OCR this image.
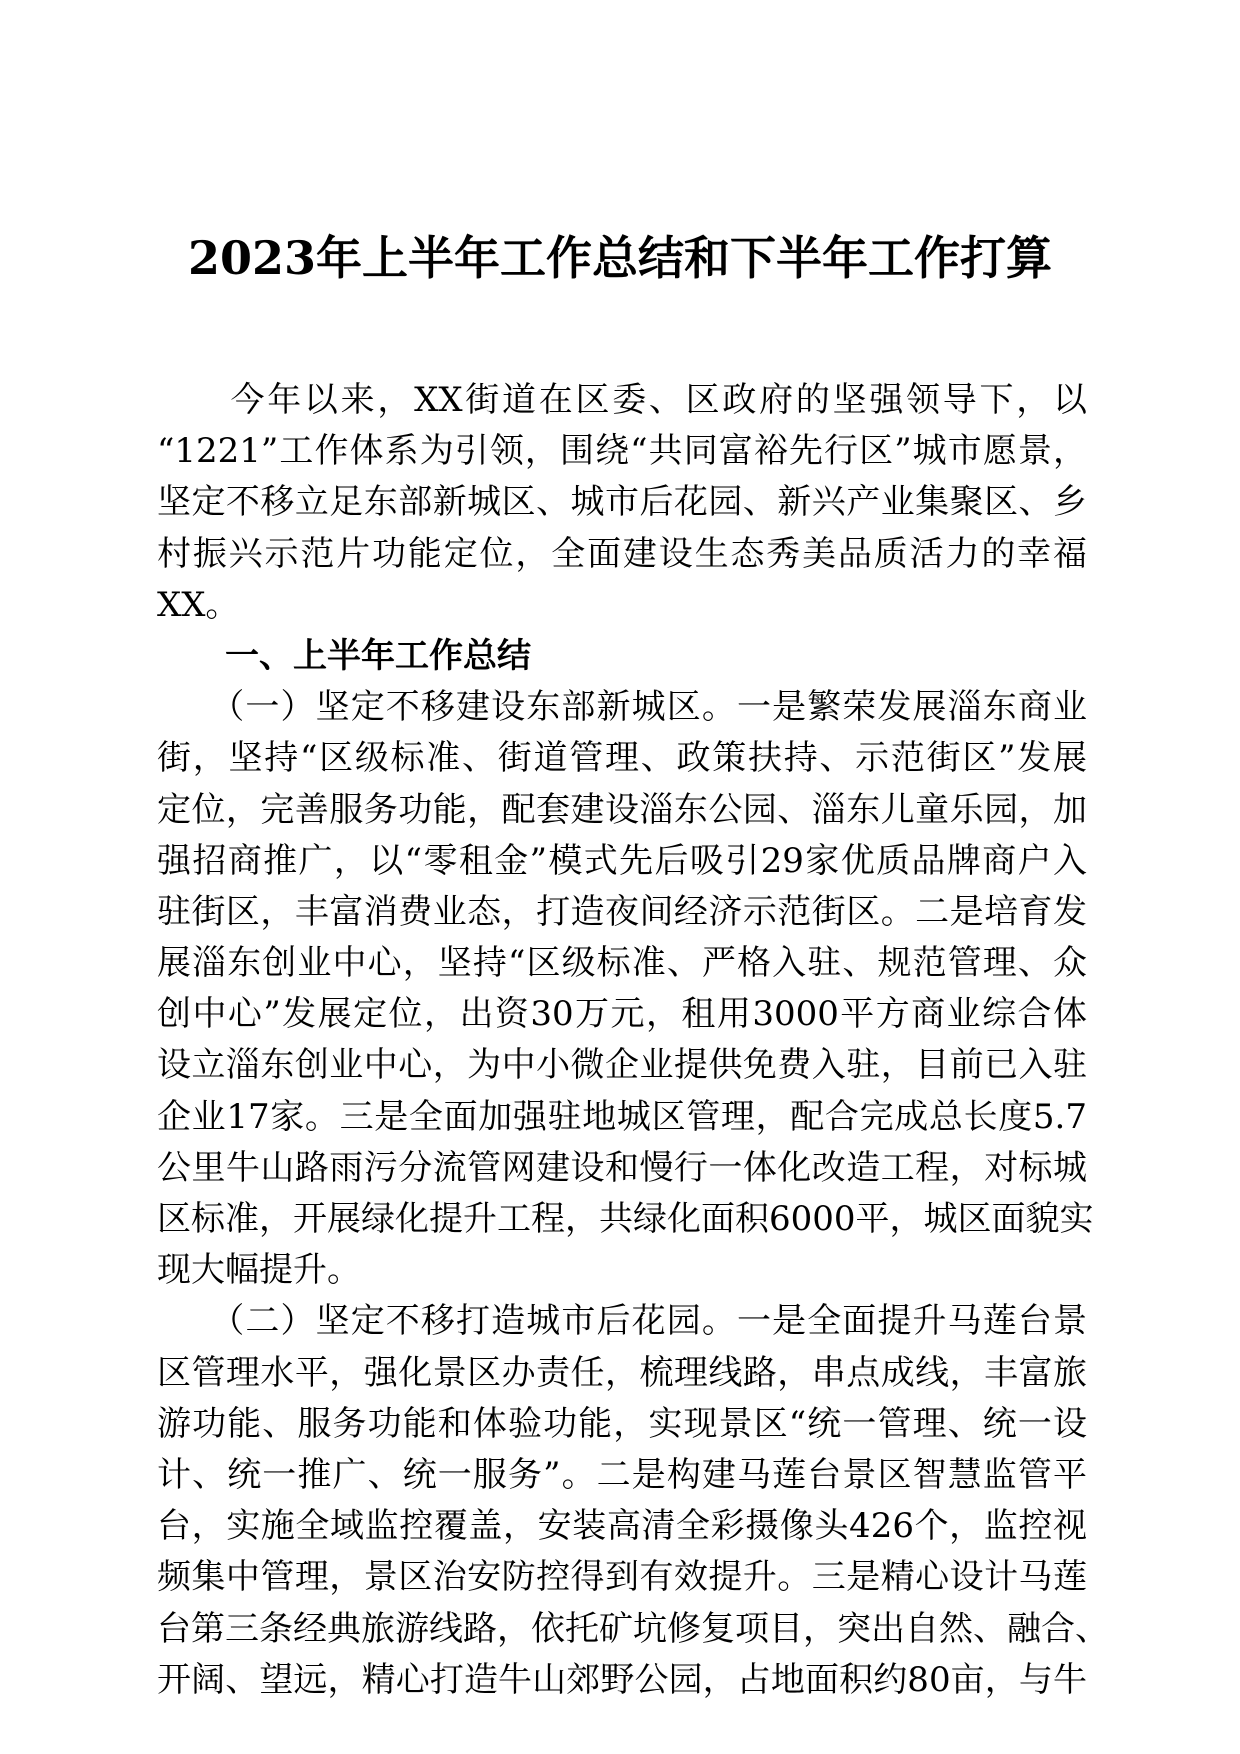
2023年上半年工作总结和下半年工作打算
　　今年以来，XX街道在区委、区政府的坚强领导下，以
“1221”工作体系为引领，围绕“共同富裕先行区”城市愿景，
坚定不移立足东部新城区、城市后花园、新兴产业集聚区、乡
村振兴示范片功能定位，全面建设生态秀美品质活力的幸福
XX。
　　一、上半年工作总结
　　（一）坚定不移建设东部新城区。一是繁荣发展淄东商业
街，坚持“区级标准、街道管理、政策扶持、示范街区”发展
定位，完善服务功能，配套建设淄东公园、淄东儿童乐园，加
强招商推广，以“零租金”模式先后吸引29家优质品牌商户入
驻街区，丰富消费业态，打造夜间经济示范街区。二是培育发
展淄东创业中心，坚持“区级标准、严格入驻、规范管理、众
创中心”发展定位，出资30万元，租用3000平方商业综合体
设立淄东创业中心，为中小微企业提供免费入驻，目前已入驻
企业17家。三是全面加强驻地城区管理，配合完成总长度5.7
公里牛山路雨污分流管网建设和慢行一体化改造工程，对标城
区标准，开展绿化提升工程，共绿化面积6000平，城区面貌实
现大幅提升。
　　（二）坚定不移打造城市后花园。一是全面提升马莲台景
区管理水平，强化景区办责任，梳理线路，串点成线，丰富旅
游功能、服务功能和体验功能，实现景区“统一管理、统一设
计、统一推广、统一服务”。二是构建马莲台景区智慧监管平
台，实施全域监控覆盖，安装高清全彩摄像头426个，监控视
频集中管理，景区治安防控得到有效提升。三是精心设计马莲
台第三条经典旅游线路，依托矿坑修复项目，突出自然、融合、
开阔、望远，精心打造牛山郊野公园，占地面积约80亩，与牛
